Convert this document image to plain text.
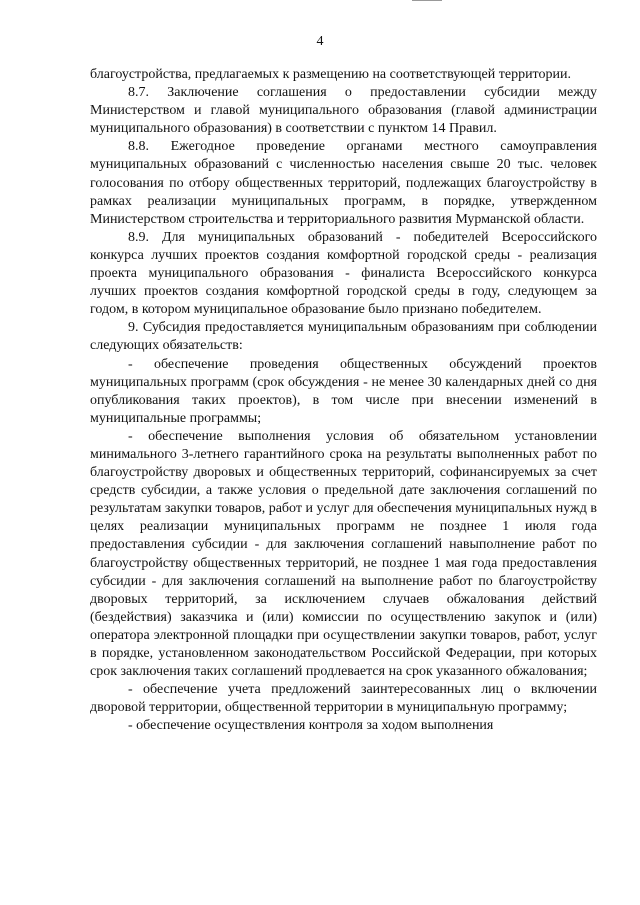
4

благоустройства, предлагаемых к размещению на соответствующей территории.

8.7. Заключение соглашения о предоставлении субсидии между Министерством и главой муниципального образования (главой администрации муниципального образования) в соответствии с пунктом 14 Правил.

8.8. Ежегодное проведение органами местного самоуправления муниципальных образований с численностью населения свыше 20 тыс. человек голосования по отбору общественных территорий, подлежащих благоустройству в рамках реализации муниципальных программ, в порядке, утвержденном Министерством строительства и территориального развития Мурманской области.

8.9. Для муниципальных образований - победителей Всероссийского конкурса лучших проектов создания комфортной городской среды - реализация проекта муниципального образования - финалиста Всероссийского конкурса лучших проектов создания комфортной городской среды в году, следующем за годом, в котором муниципальное образование было признано победителем.

9. Субсидия предоставляется муниципальным образованиям при соблюдении следующих обязательств:

- обеспечение проведения общественных обсуждений проектов муниципальных программ (срок обсуждения - не менее 30 календарных дней со дня опубликования таких проектов), в том числе при внесении изменений в муниципальные программы;

- обеспечение выполнения условия об обязательном установлении минимального 3-летнего гарантийного срока на результаты выполненных работ по благоустройству дворовых и общественных территорий, софинансируемых за счет средств субсидии, а также условия о предельной дате заключения соглашений по результатам закупки товаров, работ и услуг для обеспечения муниципальных нужд в целях реализации муниципальных программ не позднее 1 июля года предоставления субсидии - для заключения соглашений навыполнение работ по благоустройству общественных территорий, не позднее 1 мая года предоставления субсидии - для заключения соглашений на выполнение работ по благоустройству дворовых территорий, за исключением случаев обжалования действий (бездействия) заказчика и (или) комиссии по осуществлению закупок и (или) оператора электронной площадки при осуществлении закупки товаров, работ, услуг в порядке, установленном законодательством Российской Федерации, при которых срок заключения таких соглашений продлевается на срок указанного обжалования;

- обеспечение учета предложений заинтересованных лиц о включении дворовой территории, общественной территории в муниципальную программу;

- обеспечение осуществления контроля за ходом выполнения
